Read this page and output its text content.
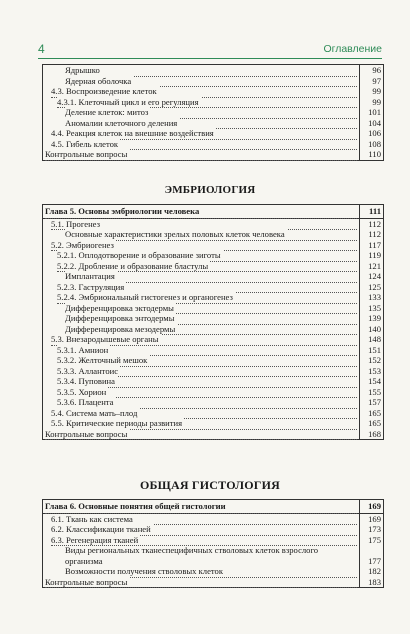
4	Оглавление
Ядрышко	96
Ядерная оболочка	97
4.3. Воспроизведение клеток	99
4.3.1. Клеточный цикл и его регуляция	99
Деление клеток: митоз	101
Аномалии клеточного деления	104
4.4. Реакция клеток на внешние воздействия	106
4.5. Гибель клеток	108
Контрольные вопросы	110
ЭМБРИОЛОГИЯ
Глава 5. Основы эмбриологии человека	111
5.1. Прогенез	112
Основные характеристики зрелых половых клеток человека	112
5.2. Эмбриогенез	117
5.2.1. Оплодотворение и образование зиготы	119
5.2.2. Дробление и образование бластулы	121
Имплантация	124
5.2.3. Гаструляция	125
5.2.4. Эмбриональный гистогенез и органогенез	133
Дифференцировка эктодермы	135
Дифференцировка энтодермы	139
Дифференцировка мезодермы	140
5.3. Внезародышевые органы	148
5.3.1. Амнион	151
5.3.2. Желточный мешок	152
5.3.3. Аллантоис	153
5.3.4. Пуповина	154
5.3.5. Хорион	155
5.3.6. Плацента	157
5.4. Система мать–плод	165
5.5. Критические периоды развития	165
Контрольные вопросы	168
ОБЩАЯ ГИСТОЛОГИЯ
Глава 6. Основные понятия общей гистологии	169
6.1. Ткань как система	169
6.2. Классификации тканей	173
6.3. Регенерация тканей	175
Виды региональных тканеспецифичных стволовых клеток взрослого организма	177
Возможности получения стволовых клеток	182
Контрольные вопросы	183
